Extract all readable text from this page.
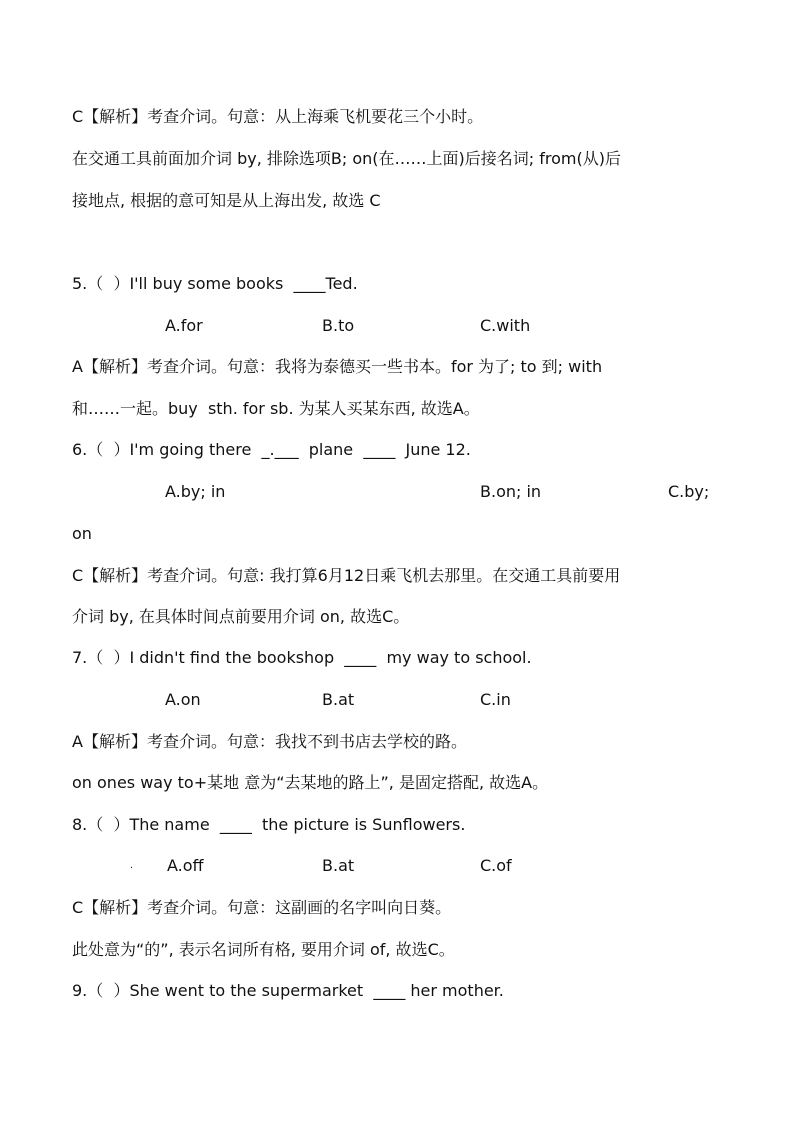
C【解析】考查介词。句意：从上海乘飞机要花三个小时。
在交通工具前面加介词 by, 排除选项B; on(在……上面)后接名词; from(从)后
接地点, 根据的意可知是从上海出发, 故选 C
5.（  ）I'll buy some books  ____Ted.
A.for	B.to	C.with
A【解析】考查介词。句意：我将为泰德买一些书本。for 为了; to 到; with
和……一起。buy  sth. for sb. 为某人买某东西, 故选A。
6.（  ）I'm going there  _.___  plane  ____  June 12.
A.by; in	B.on; in	C.by;
on
C【解析】考查介词。句意: 我打算6月12日乘飞机去那里。在交通工具前要用
介词 by, 在具体时间点前要用介词 on, 故选C。
7.（  ）I didn't find the bookshop  ____  my way to school.
A.on	B.at	C.in
A【解析】考查介词。句意：我找不到书店去学校的路。
on ones way to+某地 意为“去某地的路上”, 是固定搭配, 故选A。
8.（  ）The name  ____  the picture is Sunflowers.
· A.off	B.at	C.of
C【解析】考查介词。句意：这副画的名字叫向日葵。
此处意为“的”, 表示名词所有格, 要用介词 of, 故选C。
9.（  ）She went to the supermarket  ____ her mother.
